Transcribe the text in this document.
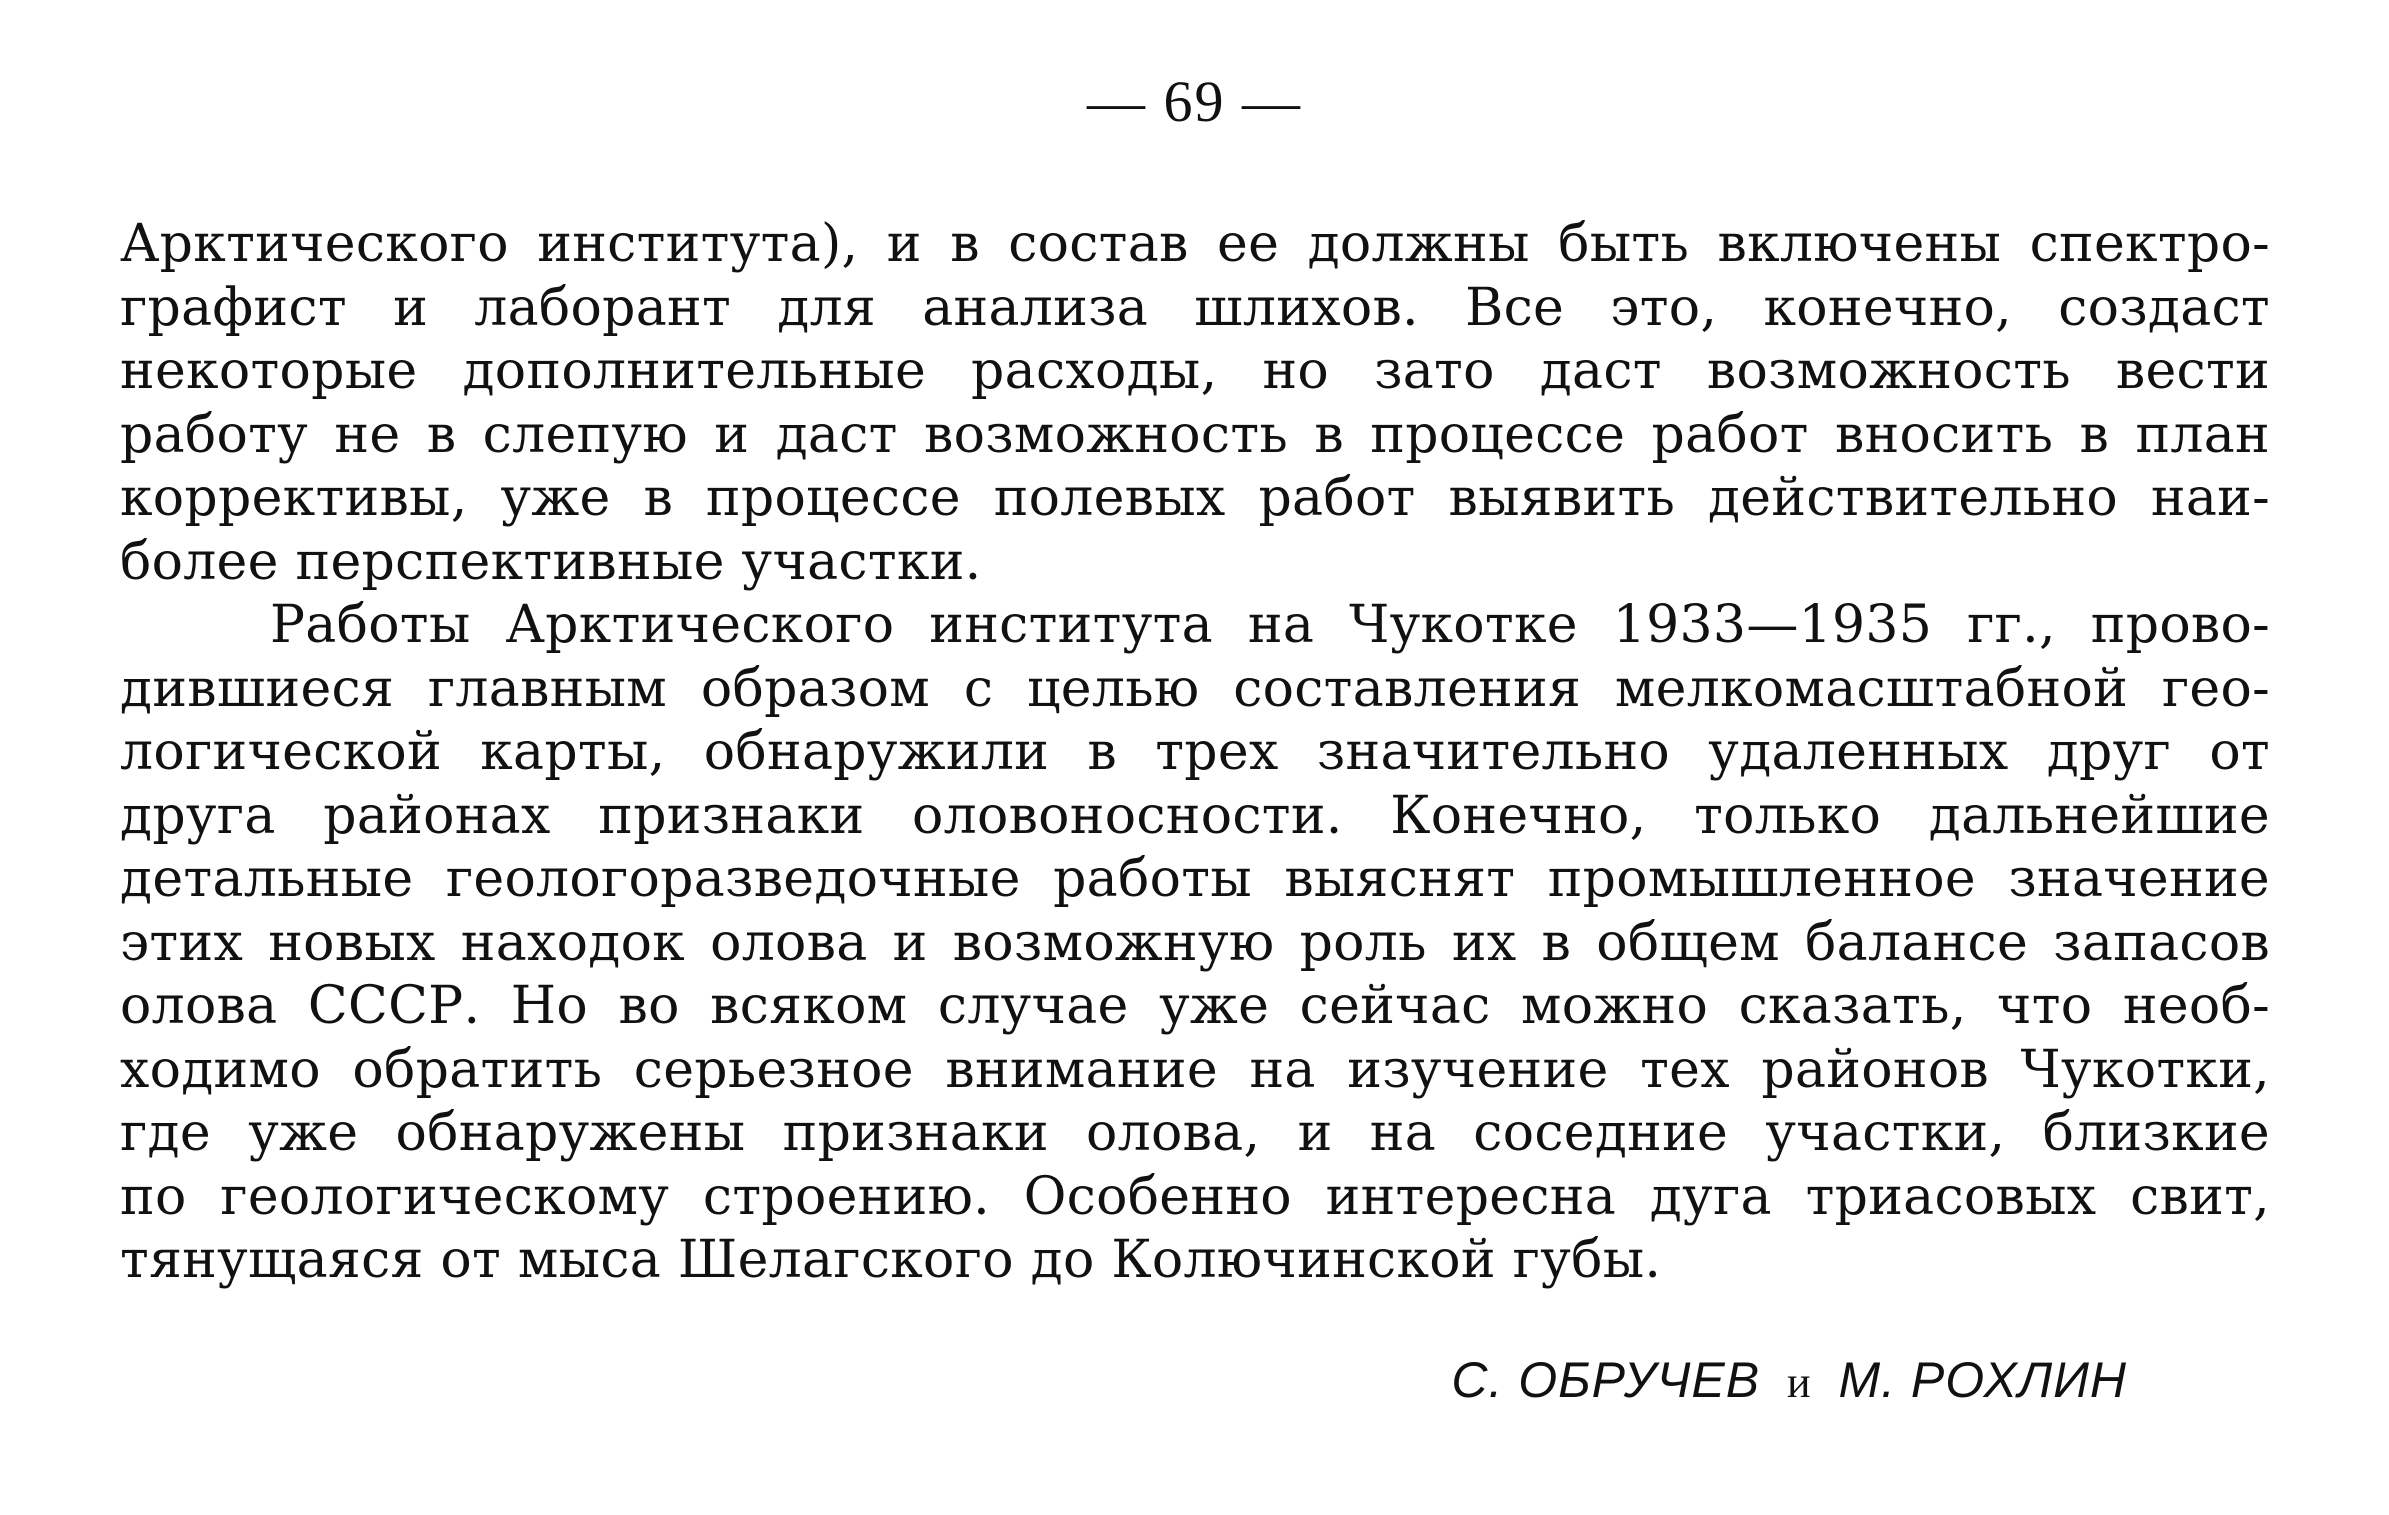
— 69 —
Арктического института), и в состав ее должны быть включены спектро-
графист и лаборант для анализа шлихов. Все это, конечно, создаст
некоторые дополнительные расходы, но зато даст возможность вести
работу не в слепую и даст возможность в процессе работ вносить в план
коррективы, уже в процессе полевых работ выявить действительно наи-
более перспективные участки.
Работы Арктического института на Чукотке 1933—1935 гг., прово-
дившиеся главным образом с целью составления мелкомасштабной гео-
логической карты, обнаружили в трех значительно удаленных друг от
друга районах признаки оловоносности. Конечно, только дальнейшие
детальные геологоразведочные работы выяснят промышленное значение
этих новых находок олова и возможную роль их в общем балансе запасов
олова СССР. Но во всяком случае уже сейчас можно сказать, что необ-
ходимо обратить серьезное внимание на изучение тех районов Чукотки,
где уже обнаружены признаки олова, и на соседние участки, близкие
по геологическому строению. Особенно интересна дуга триасовых свит,
тянущаяся от мыса Шелагского до Колючинской губы.
С. ОБРУЧЕВ и М. РОХЛИН
